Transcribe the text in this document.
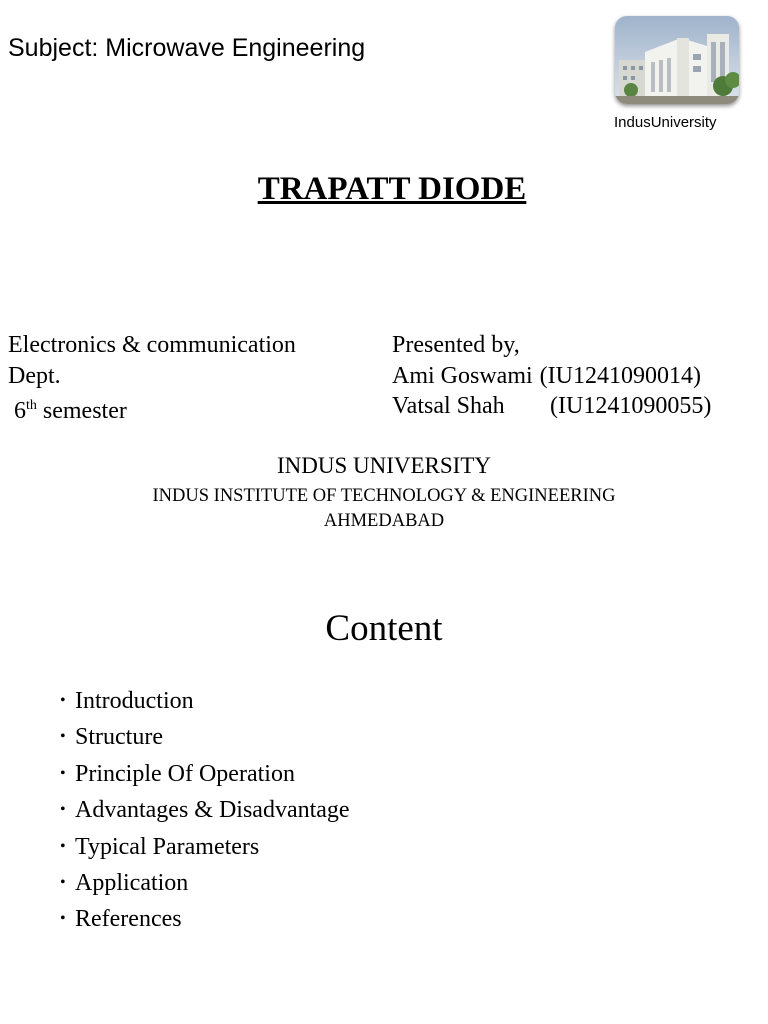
Subject: Microwave Engineering
IndusUniversity
TRAPATT DIODE
Electronics & communication
Dept.
6th semester
Presented by,
Ami Goswami (IU1241090014)
Vatsal Shah	(IU1241090055)
INDUS UNIVERSITY
INDUS INSTITUTE OF TECHNOLOGY & ENGINEERING
AHMEDABAD
Content
• Introduction
• Structure
• Principle Of Operation
• Advantages & Disadvantage
• Typical Parameters
• Application
• References
